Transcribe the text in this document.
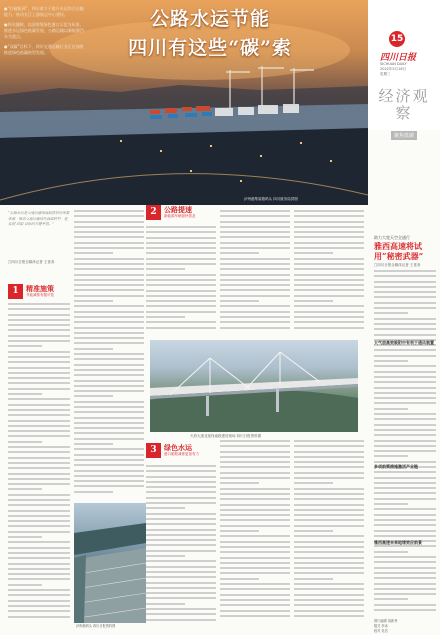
●“打破瓶颈”，四川着力于提升水运综合运输能力，推动长江上游航运中心建设。

●四川编制，以国家级绿色港口示范为标准，推进水运绿色低碳发展，公路运输以新能源汽车为重点。

●“双碳”目标下，四川交通运输行业正在加快推进绿色低碳转型发展。

公路水运节能
四川有这些“碳”索
泸州港集装箱码头 四川航务局供图
15
四川日报
SICHUAN DAILY
2022年5月18日
星期三
经济观察
聚焦低碳
“公路水运是交通运输领域碳排放的重要来源，推动交通运输绿色低碳转型，是实现‘双碳’目标的关键举措。”
□四川日报全媒体记者 王喜寿
1	精准施策
节能减排有据可依
2	公路提速
新能源车辆加快普及
3	绿色水运
港口船舶减排更加有力
天府大道北延线南段建设现场 四川日报资料图
泸州港码头 四川日报资料图
助力大宽天空全通行
雅西高速将试用“秘密武器”
□四川日报全媒体记者 王喜寿
大气层高效吸附中有利于通风装置
多项前策措施激活产业链
雅西高速未来地缘效应前景
图片编辑 刘新秀
版式 李冰
校对 吴苦
